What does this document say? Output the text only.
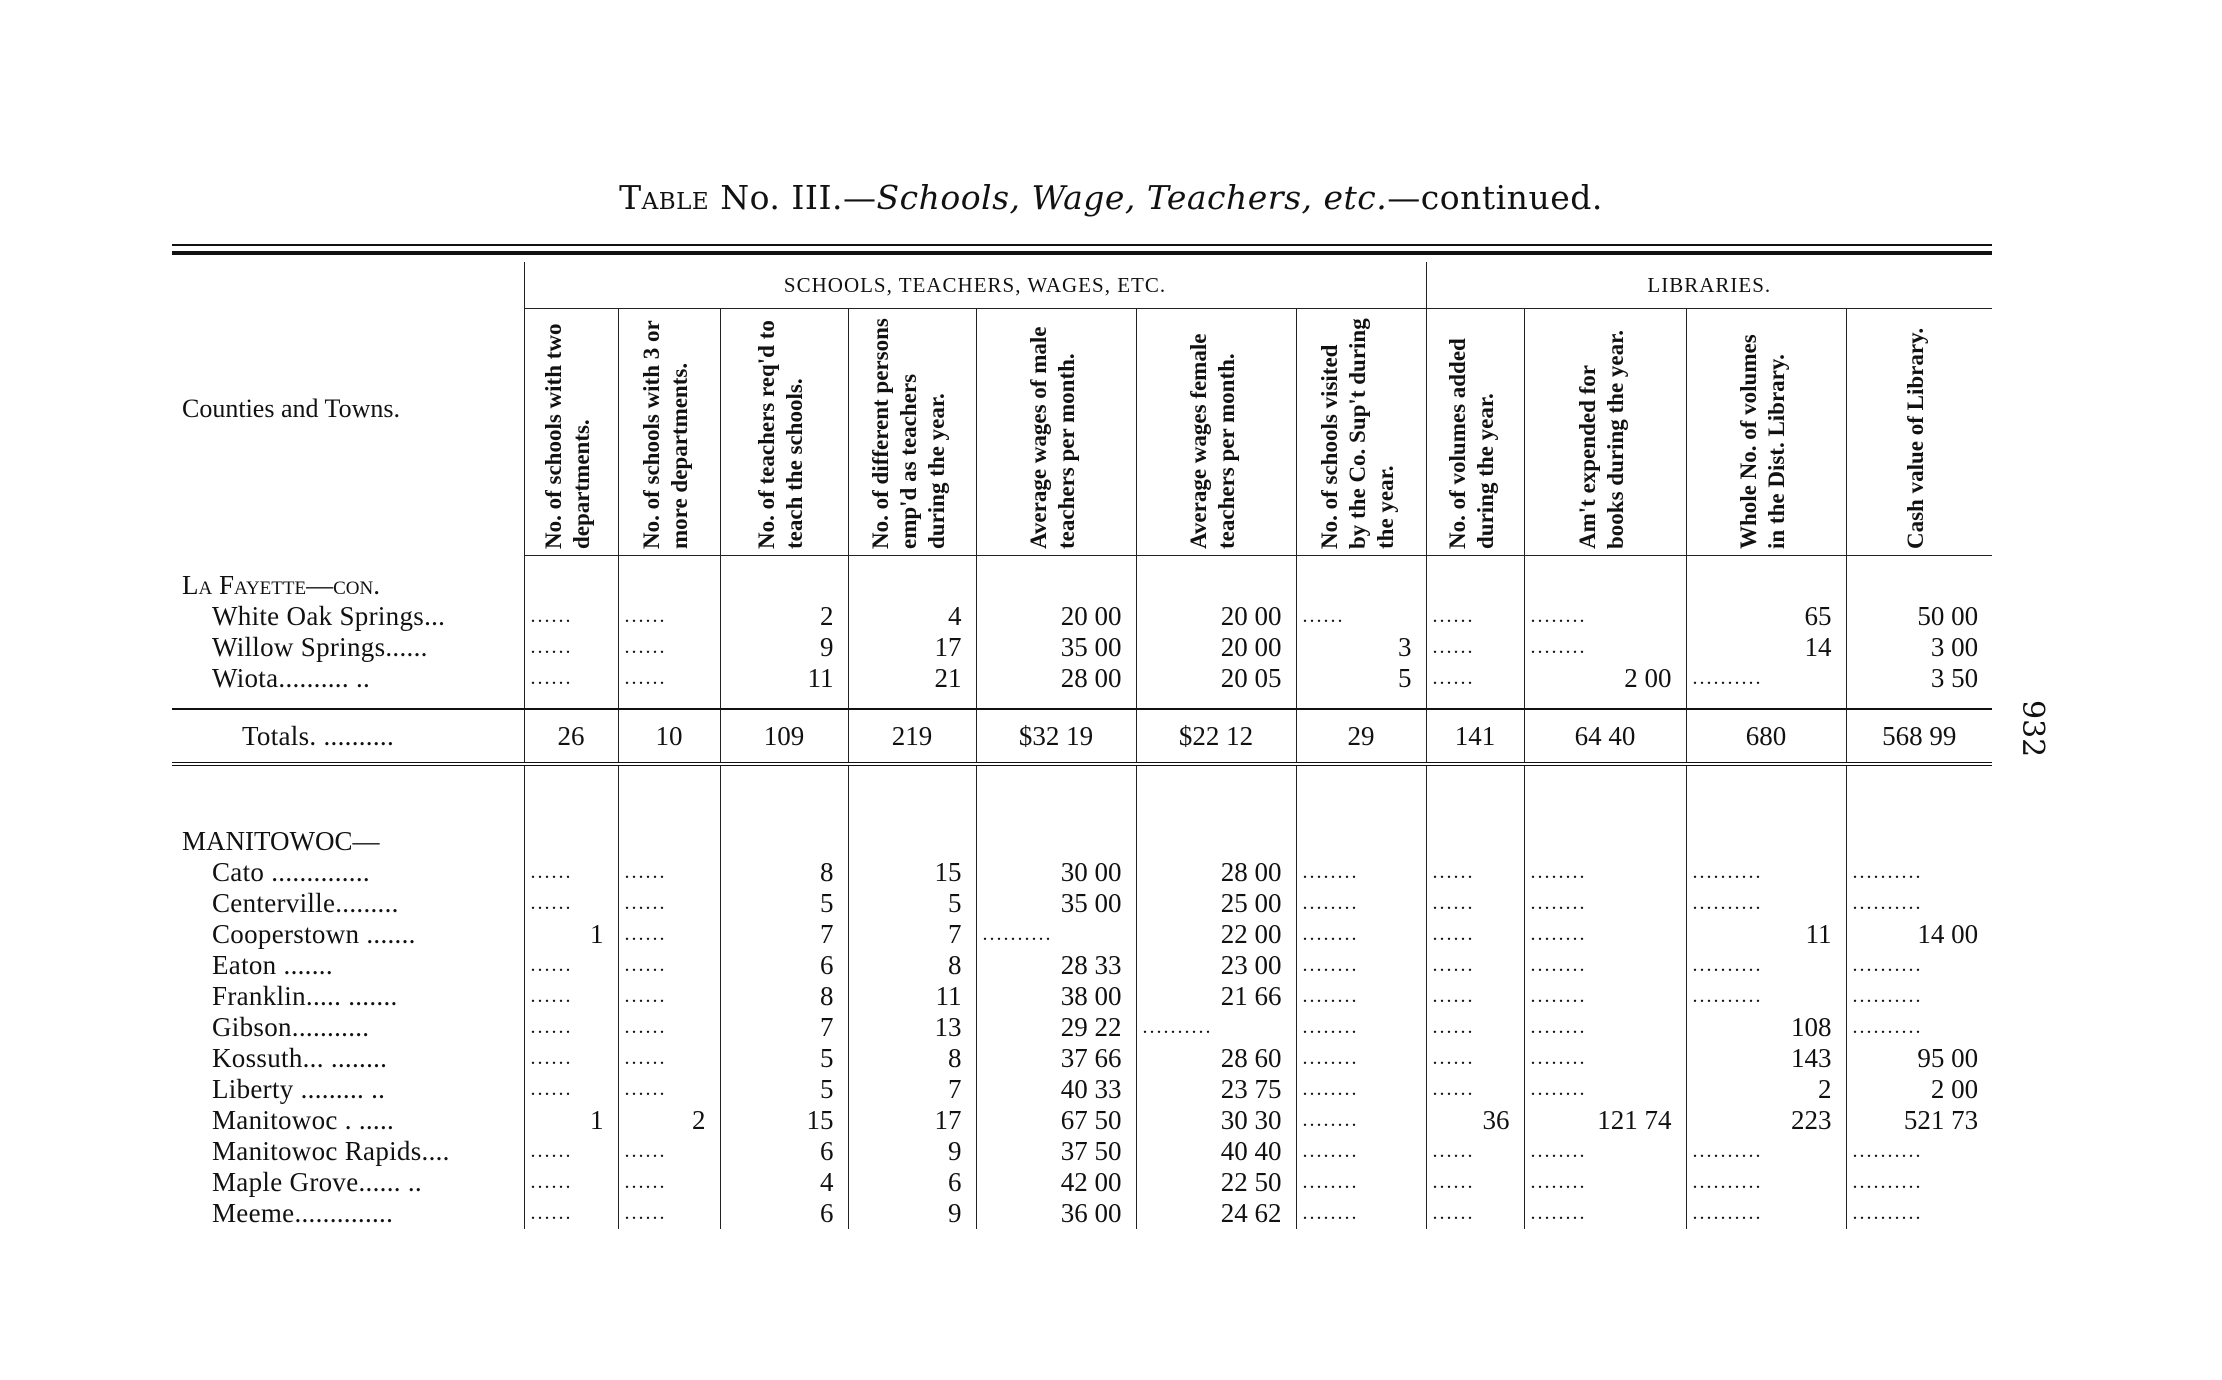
Table No. III.—Schools, Wage, Teachers, etc.—continued.
932
Counties and Towns.	SCHOOLS, TEACHERS, WAGES, ETC.							LIBRARIES.			

	No. of schools with two departments.	No. of schools with 3 or more departments.	No. of teachers req'd to teach the schools.	No. of different persons emp'd as teachers during the year.	Average wages of male teachers per month.	Average wages female teachers per month.	No. of schools visited by the Co. Sup't during the year.	No. of volumes added during the year.	Am't expended for books during the year.	Whole No. of volumes in the Dist. Library.	Cash value of Library.

La Fayette—con.											
White Oak Springs...	......	......	2	4	20 00	20 00	......	......	........	65	50 00
Willow Springs......	......	......	9	17	35 00	20 00	3	......	........	14	3 00
Wiota.......... ..	......	......	11	21	28 00	20 05	5	......	2 00	..........	3 50

Totals. ..........	26	10	109	219	$32 19	$22 12	29	141	64 40	680	568 99

MANITOWOC—											
Cato ..............	......	......	8	15	30 00	28 00	........	......	........	..........	..........
Centerville.........	......	......	5	5	35 00	25 00	........	......	........	..........	..........
Cooperstown .......	1	......	7	7	..........	22 00	........	......	........	11	14 00
Eaton .......	......	......	6	8	28 33	23 00	........	......	........	..........	..........
Franklin..... .......	......	......	8	11	38 00	21 66	........	......	........	..........	..........
Gibson...........	......	......	7	13	29 22	..........	........	......	........	108	..........
Kossuth... ........	......	......	5	8	37 66	28 60	........	......	........	143	95 00
Liberty ......... ..	......	......	5	7	40 33	23 75	........	......	........	2	2 00
Manitowoc . .....	1	2	15	17	67 50	30 30	........	36	121 74	223	521 73
Manitowoc Rapids....	......	......	6	9	37 50	40 40	........	......	........	..........	..........
Maple Grove...... ..	......	......	4	6	42 00	22 50	........	......	........	..........	..........
Meeme..............	......	......	6	9	36 00	24 62	........	......	........	..........	..........
